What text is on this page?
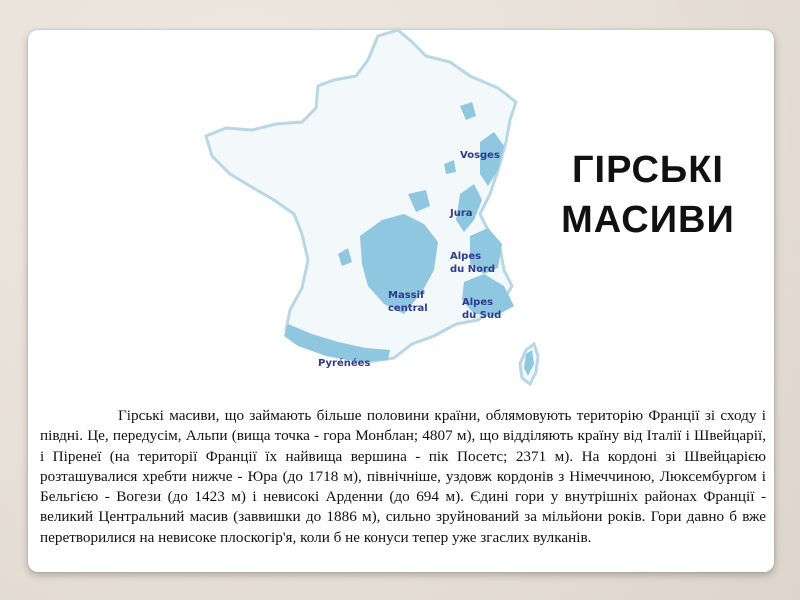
Vosges
Jura
Alpes
du Nord
Massif
central
Alpes
du Sud
Pyrénées
ГІРСЬКІ
МАСИВИ
Гірські масиви, що займають більше половини країни, облямовують територію Франції зі сходу і півдні. Це, передусім, Альпи (вища точка - гора Монблан; 4807 м), що відділяють країну від Італії і Швейцарії, і Піренеї (на території Франції їх найвища вершина - пік Посетс; 2371 м). На кордоні зі Швейцарією розташувалися хребти нижче - Юра (до 1718 м), північніше, уздовж кордонів з Німеччиною, Люксембургом і Бельгією - Вогези (до 1423 м) і невисокі Арденни (до 694 м). Єдині гори у внутрішніх районах Франції - великий Центральний масив (заввишки до 1886 м), сильно зруйнований за мільйони років. Гори давно б вже перетворилися на невисоке плоскогір'я, коли б не конуси тепер уже згаслих вулканів.
